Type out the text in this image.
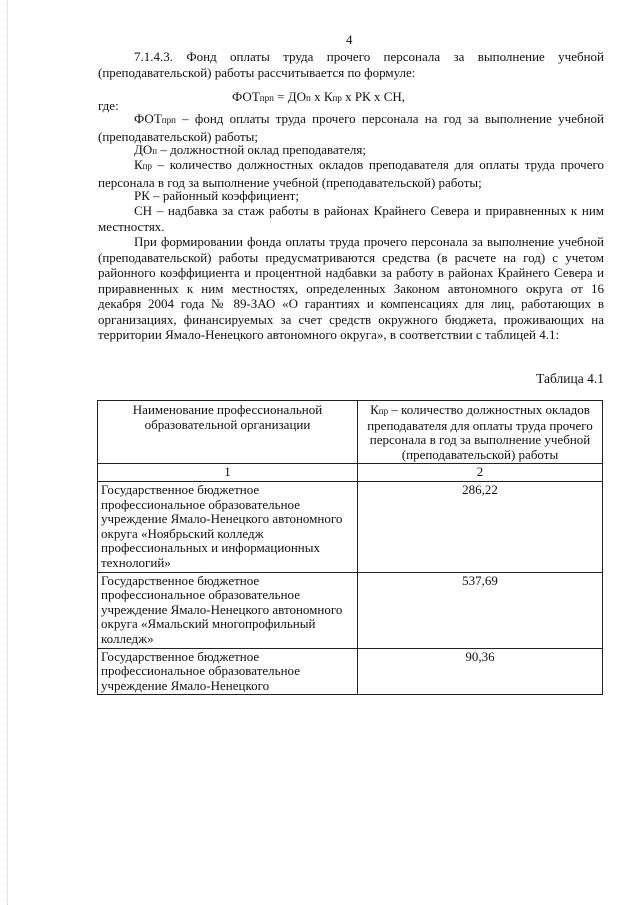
4
7.1.4.3. Фонд оплаты труда прочего персонала за выполнение учебной (преподавательской) работы рассчитывается по формуле:
ФОТпрп = ДОп х Кпр х РК х СН,
где:
ФОТпрп – фонд оплаты труда прочего персонала на год за выполнение учебной (преподавательской) работы;
ДОп – должностной оклад преподавателя;
Кпр – количество должностных окладов преподавателя для оплаты труда прочего персонала в год за выполнение учебной (преподавательской) работы;
РК – районный коэффициент;
СН – надбавка за стаж работы в районах Крайнего Севера и приравненных к ним местностях.
При формировании фонда оплаты труда прочего персонала за выполнение учебной (преподавательской) работы предусматриваются средства (в расчете на год) с учетом районного коэффициента и процентной надбавки за работу в районах Крайнего Севера и приравненных к ним местностях, определенных Законом автономного округа от 16 декабря 2004 года № 89-ЗАО «О гарантиях и компенсациях для лиц, работающих в организациях, финансируемых за счет средств окружного бюджета, проживающих на территории Ямало-Ненецкого автономного округа», в соответствии с таблицей 4.1:
Таблица 4.1
Наименование профессиональной образовательной организации	Кпр – количество должностных окладов преподавателя для оплаты труда прочего персонала в год за выполнение учебной (преподавательской) работы
1	2
Государственное бюджетное профессиональное образовательное учреждение Ямало-Ненецкого автономного округа «Ноябрьский колледж профессиональных и информационных технологий»	286,22
Государственное бюджетное профессиональное образовательное учреждение Ямало-Ненецкого автономного округа «Ямальский многопрофильный колледж»	537,69
Государственное бюджетное профессиональное образовательное учреждение Ямало-Ненецкого	90,36
